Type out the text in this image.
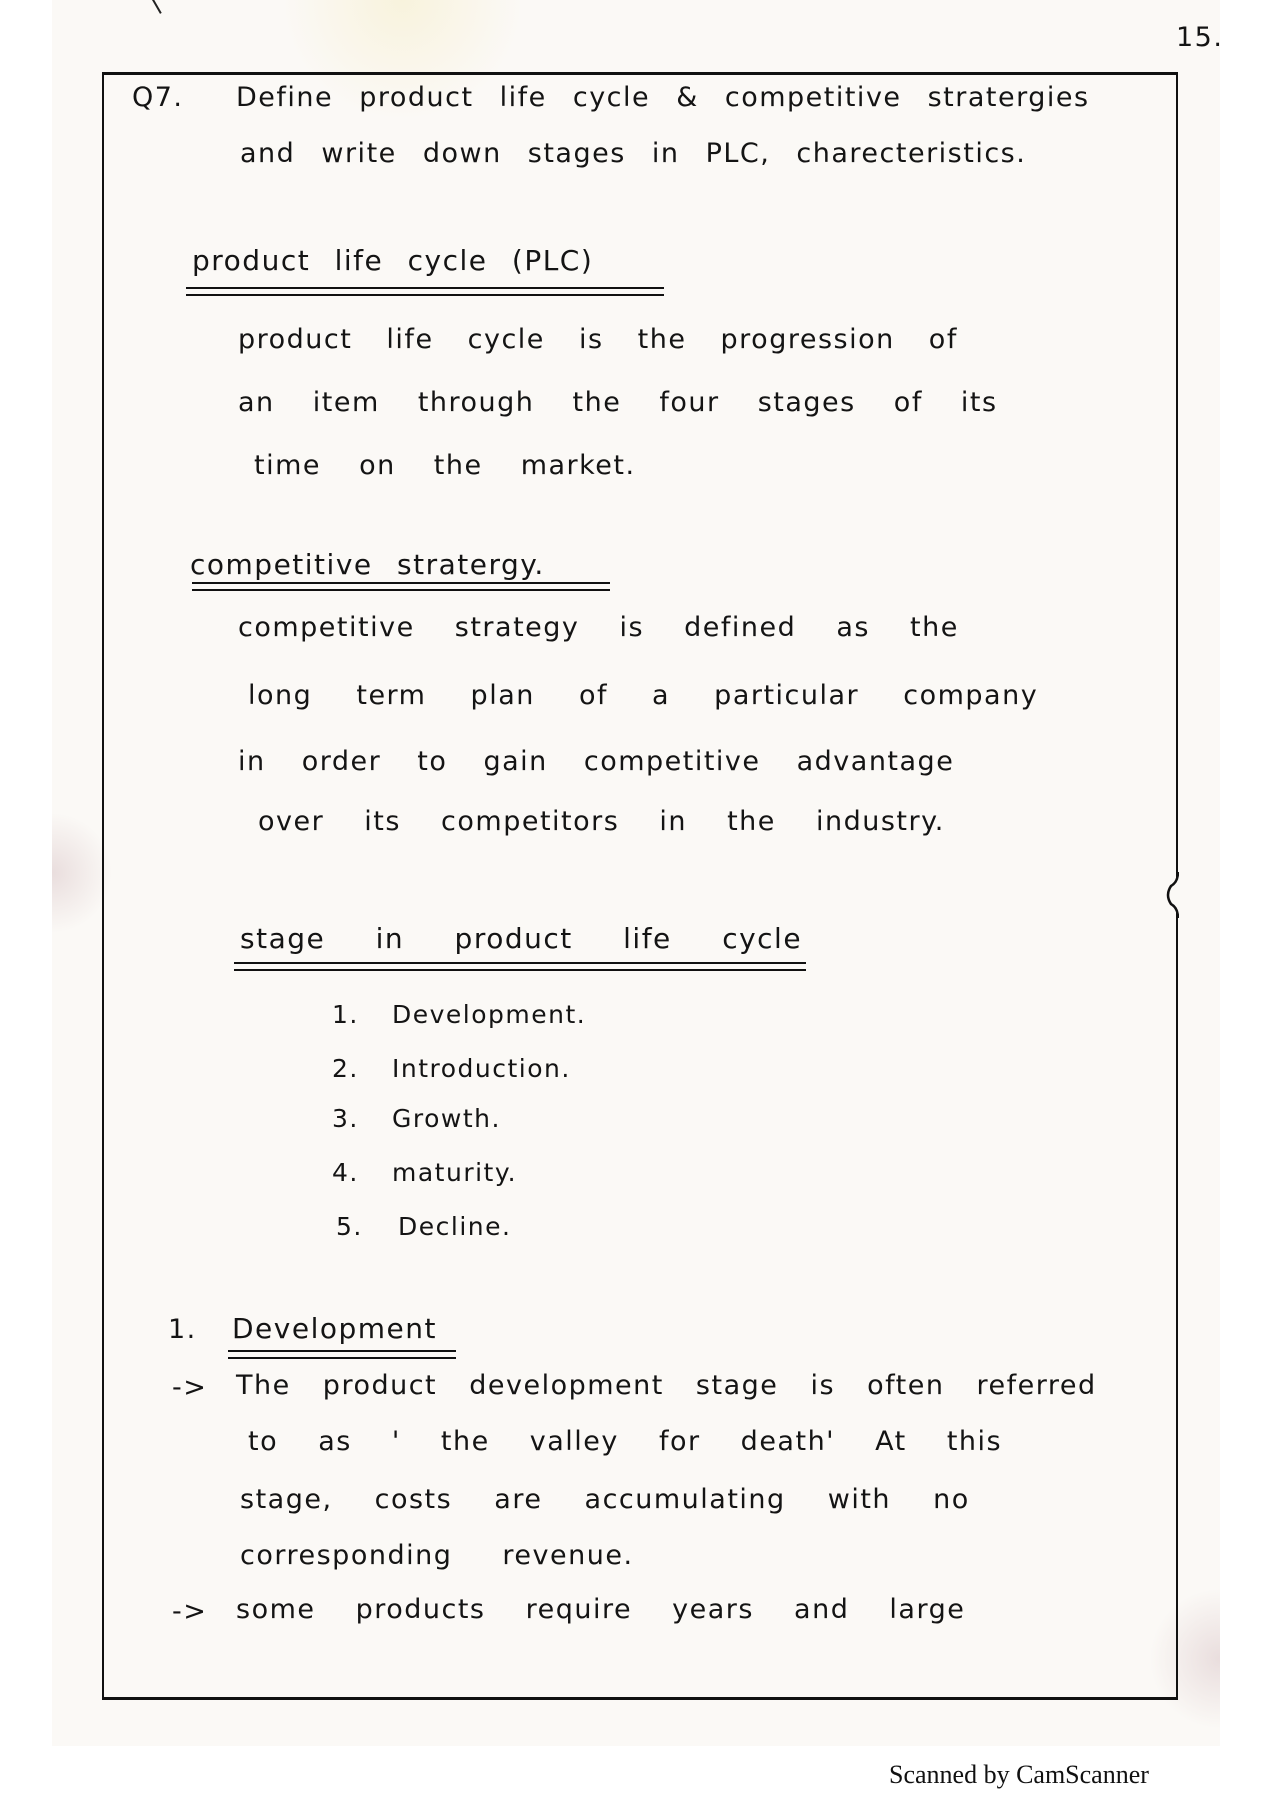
15.
Q7. Define product life cycle & competitive stratergies
and write down stages in PLC, charecteristics.
product life cycle (PLC)
product life cycle is the progression of
an item through the four stages of its
time on the market.
competitive stratergy.
competitive strategy is defined as the
long term plan of a particular company
in order to gain competitive advantage
over its competitors in the industry.
stage in product life cycle
1. Development.
2. Introduction.
3. Growth.
4. maturity.
5. Decline.
1. Development
-> The product development stage is often referred
to as ' the valley for death' At this
stage, costs are accumulating with no
corresponding revenue.
-> some products require years and large
Scanned by CamScanner
